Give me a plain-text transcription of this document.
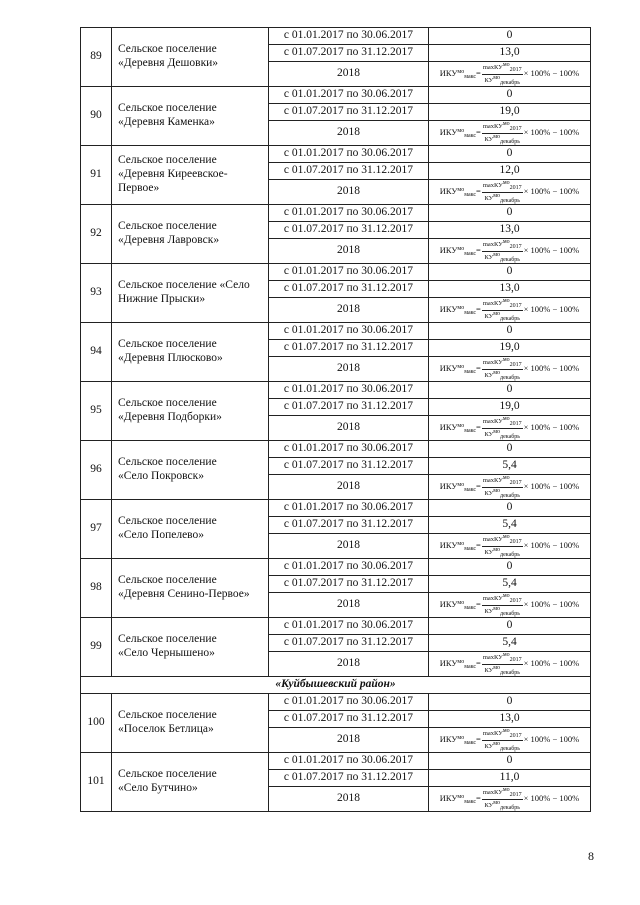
89	Сельское поселение
«Деревня Дешовки»	с 01.01.2017 по 30.06.2017	0
		с 01.07.2017 по 31.12.2017	13,0
		2018	$ИКУ^{мо}_{макс}= \frac{\text{maxКУмо2017}}{\text{КУмодекабрь}} \times 100\% - 100\%$
90	Сельское поселение
«Деревня Каменка»	с 01.01.2017 по 30.06.2017	0
		с 01.07.2017 по 31.12.2017	19,0
		2018	$ИКУ^{мо}_{макс}= \frac{\text{maxКУмо2017}}{\text{КУмодекабрь}} \times 100\% - 100\%$
91	Сельское поселение
«Деревня Киреевское-
Первое»	с 01.01.2017 по 30.06.2017	0
		с 01.07.2017 по 31.12.2017	12,0
		2018	$ИКУ^{мо}_{макс}= \frac{\text{maxКУмо2017}}{\text{КУмодекабрь}} \times 100\% - 100\%$
92	Сельское поселение
«Деревня Лавровск»	с 01.01.2017 по 30.06.2017	0
		с 01.07.2017 по 31.12.2017	13,0
		2018	$ИКУ^{мо}_{макс}= \frac{\text{maxКУмо2017}}{\text{КУмодекабрь}} \times 100\% - 100\%$
93	Сельское поселение «Село
Нижние Прыски»	с 01.01.2017 по 30.06.2017	0
		с 01.07.2017 по 31.12.2017	13,0
		2018	$ИКУ^{мо}_{макс}= \frac{\text{maxКУмо2017}}{\text{КУмодекабрь}} \times 100\% - 100\%$
94	Сельское поселение
«Деревня Плюсково»	с 01.01.2017 по 30.06.2017	0
		с 01.07.2017 по 31.12.2017	19,0
		2018	$ИКУ^{мо}_{макс}= \frac{\text{maxКУмо2017}}{\text{КУмодекабрь}} \times 100\% - 100\%$
95	Сельское поселение
«Деревня Подборки»	с 01.01.2017 по 30.06.2017	0
		с 01.07.2017 по 31.12.2017	19,0
		2018	$ИКУ^{мо}_{макс}= \frac{\text{maxКУмо2017}}{\text{КУмодекабрь}} \times 100\% - 100\%$
96	Сельское поселение
«Село Покровск»	с 01.01.2017 по 30.06.2017	0
		с 01.07.2017 по 31.12.2017	5,4
		2018	$ИКУ^{мо}_{макс}= \frac{\text{maxКУмо2017}}{\text{КУмодекабрь}} \times 100\% - 100\%$
97	Сельское поселение
«Село Попелево»	с 01.01.2017 по 30.06.2017	0
		с 01.07.2017 по 31.12.2017	5,4
		2018	$ИКУ^{мо}_{макс}= \frac{\text{maxКУмо2017}}{\text{КУмодекабрь}} \times 100\% - 100\%$
98	Сельское поселение
«Деревня Сенино-Первое»	с 01.01.2017 по 30.06.2017	0
		с 01.07.2017 по 31.12.2017	5,4
		2018	$ИКУ^{мо}_{макс}= \frac{\text{maxКУмо2017}}{\text{КУмодекабрь}} \times 100\% - 100\%$
99	Сельское поселение
«Село Чернышено»	с 01.01.2017 по 30.06.2017	0
		с 01.07.2017 по 31.12.2017	5,4
		2018	$ИКУ^{мо}_{макс}= \frac{\text{maxКУмо2017}}{\text{КУмодекабрь}} \times 100\% - 100\%$
«Куйбышевский район»			
100	Сельское поселение
«Поселок Бетлица»	с 01.01.2017 по 30.06.2017	0
		с 01.07.2017 по 31.12.2017	13,0
		2018	$ИКУ^{мо}_{макс}= \frac{\text{maxКУмо2017}}{\text{КУмодекабрь}} \times 100\% - 100\%$
101	Сельское поселение
«Село Бутчино»	с 01.01.2017 по 30.06.2017	0
		с 01.07.2017 по 31.12.2017	11,0
		2018	$ИКУ^{мо}_{макс}= \frac{\text{maxКУмо2017}}{\text{КУмодекабрь}} \times 100\% - 100\%$
8
